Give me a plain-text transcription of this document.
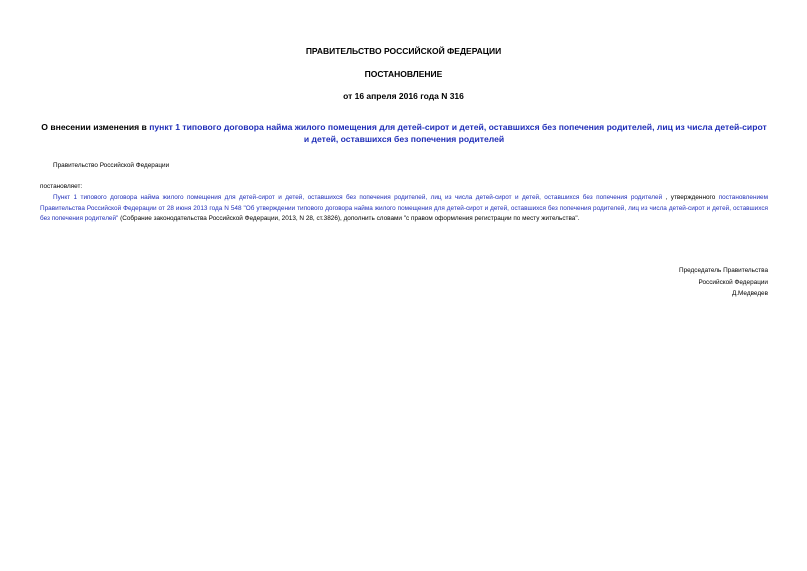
ПРАВИТЕЛЬСТВО РОССИЙСКОЙ ФЕДЕРАЦИИ
ПОСТАНОВЛЕНИЕ
от 16 апреля 2016 года N 316
О внесении изменения в пункт 1 типового договора найма жилого помещения для детей-сирот и детей, оставшихся без попечения родителей, лиц из числа детей-сирот и детей, оставшихся без попечения родителей
Правительство Российской Федерации
постановляет:
Пункт 1 типового договора найма жилого помещения для детей-сирот и детей, оставшихся без попечения родителей, лиц из числа детей-сирот и детей, оставшихся без попечения родителей , утвержденного постановлением Правительства Российской Федерации от 28 июня 2013 года N 548 "Об утверждении типового договора найма жилого помещения для детей-сирот и детей, оставшихся без попечения родителей, лиц из числа детей-сирот и детей, оставшихся без попечения родителей" (Собрание законодательства Российской Федерации, 2013, N 28, ст.3826), дополнить словами "с правом оформления регистрации по месту жительства".
Председатель Правительства
Российской Федерации
Д.Медведев
